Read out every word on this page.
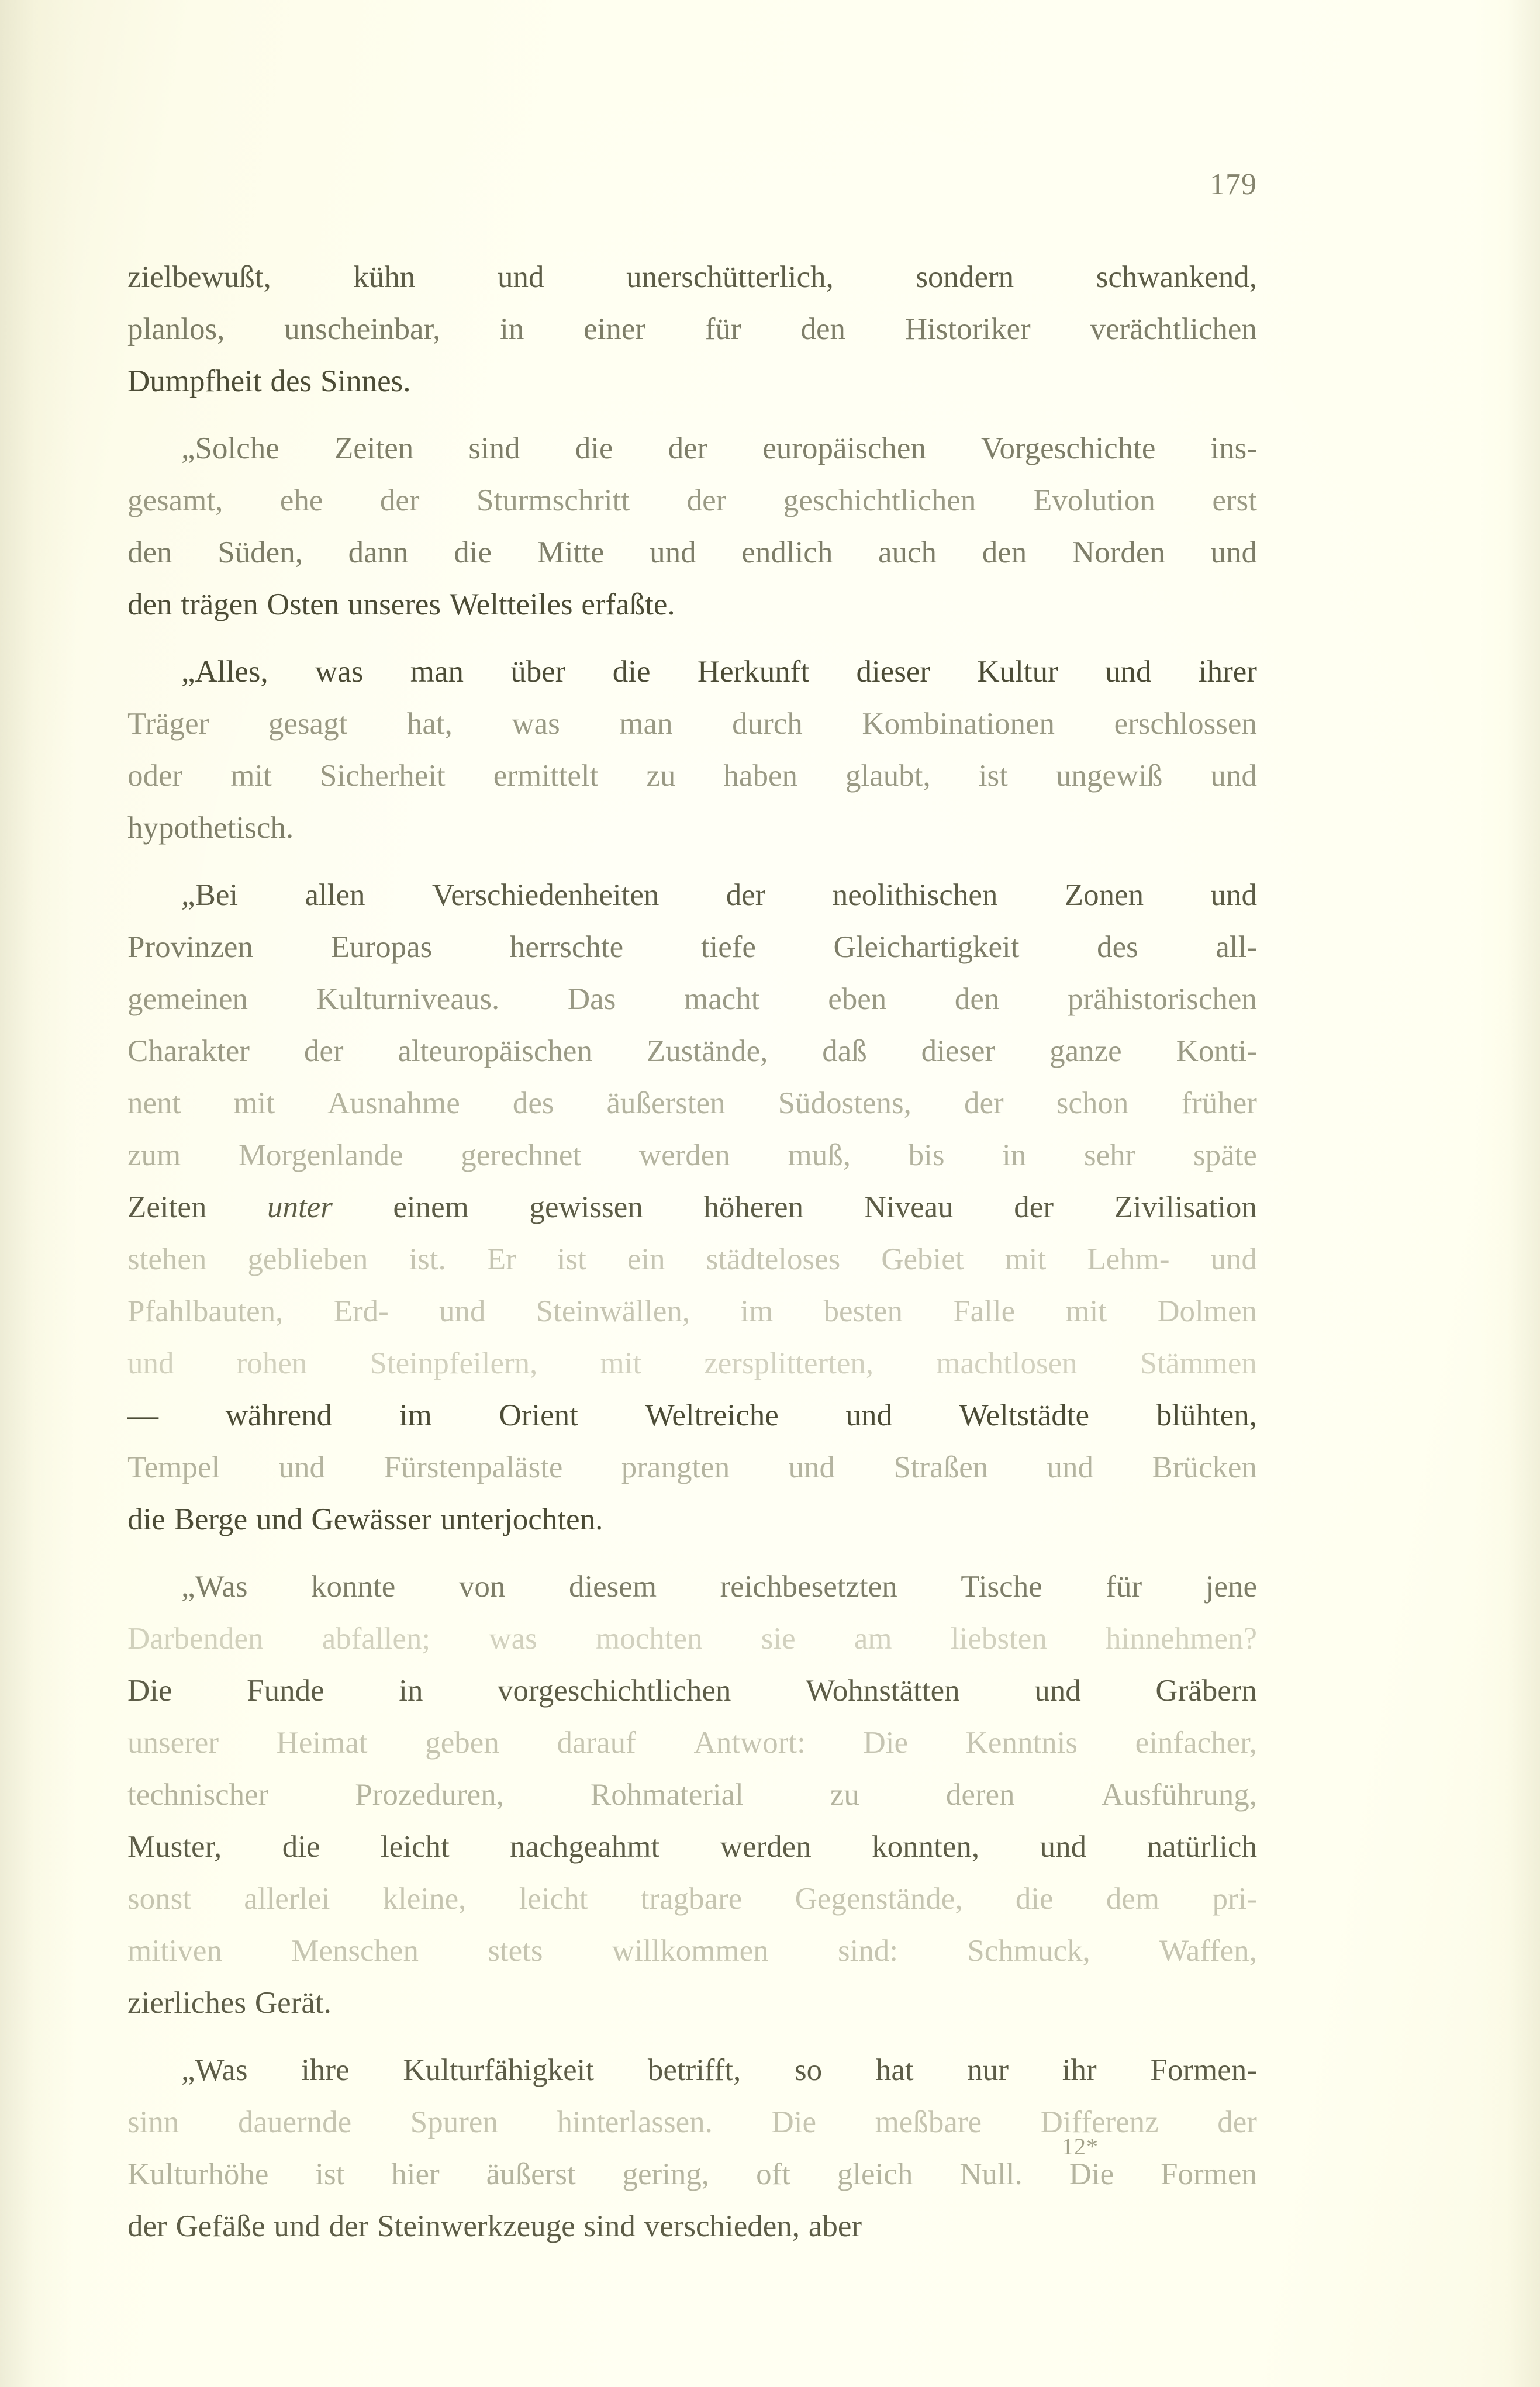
179
zielbewußt,	kühn	und	unerschütterlich,	sondern	schwankend,
planlos, unscheinbar, in einer für den Historiker verächtlichen
Dumpfheit des Sinnes.
„Solche Zeiten sind die der europäischen Vorgeschichte ins-
gesamt, ehe der Sturmschritt der geschichtlichen Evolution erst
den Süden, dann die Mitte und endlich auch den Norden und
den trägen Osten unseres Weltteiles erfaßte.
„Alles, was man über die Herkunft dieser Kultur und ihrer
Träger gesagt hat, was man durch Kombinationen erschlossen
oder mit Sicherheit ermittelt zu haben glaubt, ist ungewiß und
hypothetisch.
„Bei allen Verschiedenheiten der neolithischen Zonen und
Provinzen	Europas	herrschte	tiefe	Gleichartigkeit	des	all-
gemeinen Kulturniveaus. Das macht eben den prähistorischen
Charakter der alteuropäischen Zustände, daß dieser ganze Konti-
nent mit Ausnahme des äußersten Südostens, der schon früher
zum Morgenlande gerechnet werden muß, bis in sehr späte
Zeiten unter einem gewissen höheren Niveau der Zivilisation
stehen geblieben ist. Er ist ein städteloses Gebiet mit Lehm- und
Pfahlbauten, Erd- und Steinwällen, im besten Falle mit Dolmen
und rohen Steinpfeilern, mit zersplitterten, machtlosen Stämmen
— während im Orient Weltreiche und Weltstädte blühten,
Tempel und Fürstenpaläste prangten und Straßen und Brücken
die Berge und Gewässer unterjochten.
„Was konnte von diesem reichbesetzten Tische für jene
Darbenden abfallen; was mochten sie am liebsten hinnehmen?
Die Funde in vorgeschichtlichen Wohnstätten und Gräbern
unserer Heimat geben darauf Antwort: Die Kenntnis einfacher,
technischer	Prozeduren,	Rohmaterial	zu	deren	Ausführung,
Muster, die leicht nachgeahmt werden konnten, und natürlich
sonst allerlei kleine, leicht tragbare Gegenstände, die dem pri-
mitiven Menschen stets willkommen sind: Schmuck, Waffen,
zierliches Gerät.
„Was ihre Kulturfähigkeit betrifft, so hat nur ihr Formen-
sinn dauernde Spuren hinterlassen. Die meßbare Differenz der
Kulturhöhe ist hier äußerst gering, oft gleich Null. Die Formen
der Gefäße und der Steinwerkzeuge sind verschieden, aber
12*
